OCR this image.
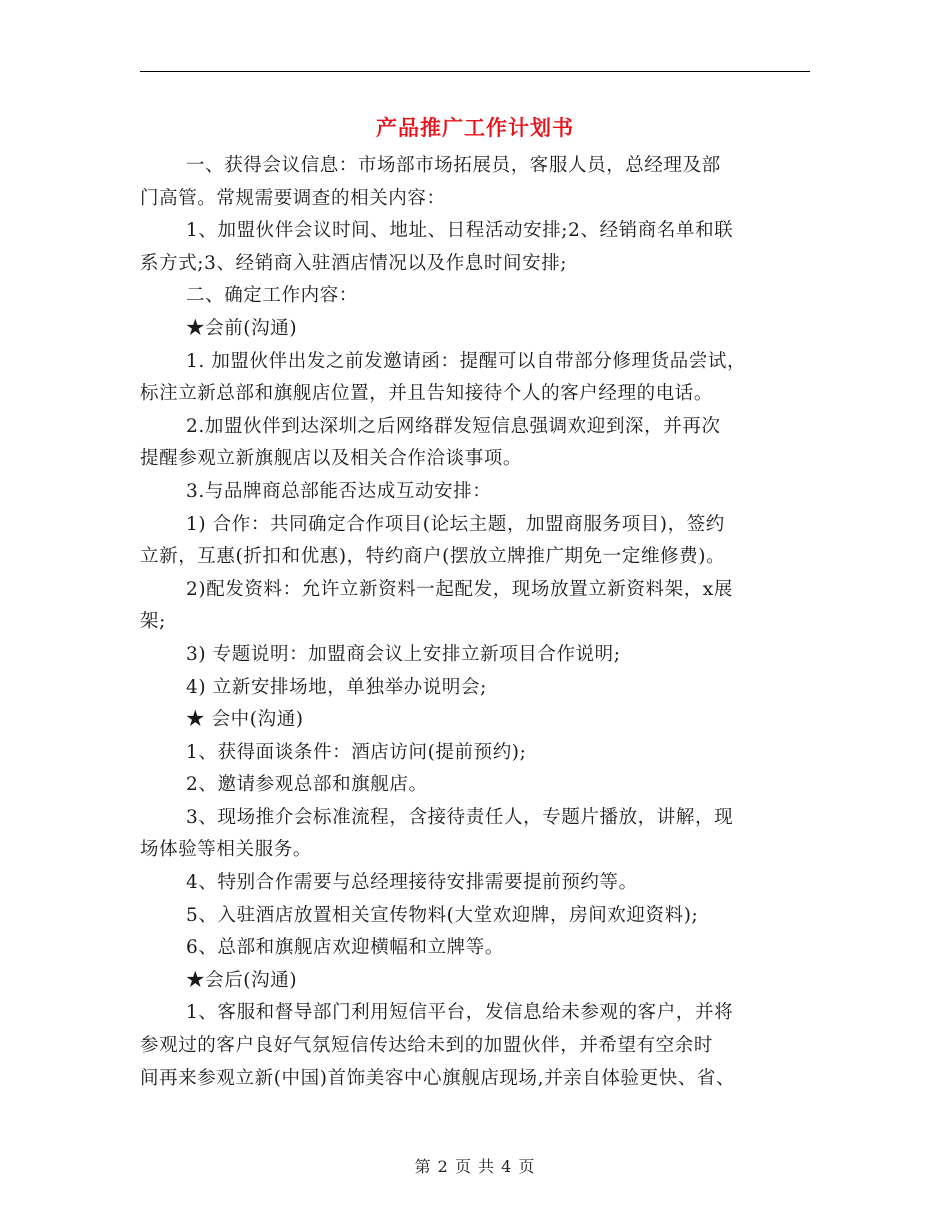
产品推广工作计划书

一、获得会议信息：市场部市场拓展员，客服人员，总经理及部
门高管。常规需要调查的相关内容：
1、加盟伙伴会议时间、地址、日程活动安排;2、经销商名单和联
系方式;3、经销商入驻酒店情况以及作息时间安排;
二、确定工作内容：
★会前(沟通)
1. 加盟伙伴出发之前发邀请函：提醒可以自带部分修理货品尝试，
标注立新总部和旗舰店位置，并且告知接待个人的客户经理的电话。
2.加盟伙伴到达深圳之后网络群发短信息强调欢迎到深，并再次
提醒参观立新旗舰店以及相关合作洽谈事项。
3.与品牌商总部能否达成互动安排：
1) 合作：共同确定合作项目(论坛主题，加盟商服务项目)，签约
立新，互惠(折扣和优惠)，特约商户(摆放立牌推广期免一定维修费)。
2)配发资料：允许立新资料一起配发，现场放置立新资料架，x展
架;
3) 专题说明：加盟商会议上安排立新项目合作说明;
4) 立新安排场地，单独举办说明会;
★ 会中(沟通)
1、获得面谈条件：酒店访问(提前预约);
2、邀请参观总部和旗舰店。
3、现场推介会标准流程，含接待责任人，专题片播放，讲解，现
场体验等相关服务。
4、特别合作需要与总经理接待安排需要提前预约等。
5、入驻酒店放置相关宣传物料(大堂欢迎牌，房间欢迎资料);
6、总部和旗舰店欢迎横幅和立牌等。
★会后(沟通)
1、客服和督导部门利用短信平台，发信息给未参观的客户，并将
参观过的客户良好气氛短信传达给未到的加盟伙伴，并希望有空余时
间再来参观立新(中国)首饰美容中心旗舰店现场,并亲自体验更快、省、

第 2 页 共 4 页
